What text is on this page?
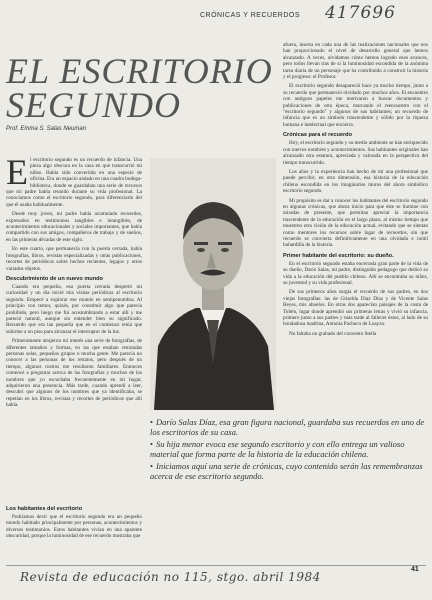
CRÓNICAS Y RECUERDOS 417696
EL ESCRITORIO
SEGUNDO
Prof. Emma S. Salas Neuman

El escritorio segundo es un recuerdo de infancia. Una pieza algo obscura en la casa en que transcurrió mi niñez. Había sido convertida en una especie de oficina. Era un espacio aislado en una cuadra bodega-biblioteca, donde se guardaban una serie de recursos que mi padre había reunido durante su vida profesional. La conocíamos como el escritorio segundo, para diferenciarlo del que él usaba habitualmente.

Desde muy joven, mi padre había acumulado recuerdos, expresados en testimonios tangibles e intangibles, de acontecimientos educacionales y sociales importantes, que había compartido con sus amigos, compañeros de trabajo y de sueños, en las primeras décadas de este siglo.

En este cuarto, que permanecía con la puerta cerrada, había fotografías, libros, revistas especializadas y otras publicaciones, recortes de periódicos sobre hechos recientes, legajos y otros variados objetos.

Descubrimiento de un nuevo mundo

Cuando era pequeña, esa puerta cerrada despertó mi curiosidad y un día inicié mis visitas periódicas al escritorio segundo. Empecé a explorar ese mundo en semipenumbra. Al principio con temor, quizás, por constituir algo que parecía prohibido, pero luego me fui acostumbrando a estar allí y me pareció natural, aunque sin entender bien su significado. Recuerdo que era tan pequeña que en el comienzo tenía que subirme a un piso para alcanzar el interruptor de la luz.

Primeramente atrajeron mi interés una serie de fotografías, de diferentes tamaños y formas, en las que estaban retratadas personas solas, pequeños grupos o mucha gente. Me parecía no conocer a las personas de los retratos, pero después de un tiempo, algunos rostros me resultaron familiares. Entonces comencé a preguntar acerca de las fotografías y muchos de los nombres que yo escuchaba frecuentemente en mi hogar, adquirieron una presencia. Más tarde, cuando aprendí a leer, descubrí que algunos de los nombres que ya identificaba, se repetían en los libros, revistas y recortes de periódicos que allí había.

Los habitantes del escritorio

Podríamos decir que el escritorio segundo era un pequeño mundo habitado principalmente por personas, acontecimientos y diversos testimonios. Estos habitantes vivían en una aparente obscuridad, porque la luminosidad de ese recuerdo mostraba que

afuera, inserta en cada una de las realizaciones nacionales que nos han proporcionado el nivel de desarrollo general que hemos alcanzado. A veces, olvidamos cómo hemos logrado esos avances, pero todos llevan tras de sí la luminosidad escondida de la anónima tarea diaria de un personaje que ha contribuido a construir la historia y el progreso: el Profesor.

El escritorio segundo desapareció hace ya mucho tiempo, junto a su recuerdo que permaneció olvidado por muchos años. El encuentro con antiguos papeles me motivaron a buscar documentos y publicaciones de otra época, marcando el reencuentro con el "escritorio segundo" y algunos de sus habitantes; un recuerdo de infancia que es un símbolo trascendente y sólido por la riqueza humana e intelectual que encierra.

Crónicas para el recuerdo

Hoy, el escritorio segundo y su medio ambiente se han enriquecido con nuevos nombres y acontecimientos. Sus habitantes originales han alcanzado otra estatura, apreciada y valorada en la perspectiva del tiempo transcurrido.

Los años y la experiencia han hecho de mí una profesional que puede percibir, en otra dimensión, esa historia de la educación chilena escondida en los imaginarios muros del ahora simbólico escritorio segundo.

Mi propósito es dar a conocer los habitantes del escritorio segundo en algunas crónicas, que ahora inicio para que éste se ilumine con miradas de presente, que permitan apreciar la importancia trascendente de la educación en el largo plazo, al mismo tiempo que muestren otra visión de la educación actual, evitando que se sientan como mentores los recursos sobre lugar de recuerdos, sin que recuerdo se convierta definitivamente en una olvidada e inútil buhardilla de la historia.

Primer habitante del escritorio: su dueño.

En el escritorio segundo estaba encerrada gran parte de la vida de su dueño, Darío Salas, mi padre, distinguido pedagogo que dedicó su vida a la educación del pueblo chileno. Allí se encontraba su niñez, su juventud y su vida profesional.

De sus primeros años surgía el recuerdo de sus padres, en dos viejas fotografías: las de Griselda Díaz Díaz y de Vicente Salas Reyes, mis abuelos. En otras dos aparecían paisajes de la costa de Toltén, lugar donde aprendió sus primeras letras y vivió su infancia, primero junto a sus padres y más tarde al fallecer éstos, al lado de su bondadosa madrina, Antonia Pacheco de Loayza.

No faltaba un grabado del convento Stella

• Darío Salas Díaz, esa gran figura nacional, guardaba sus recuerdos en uno de los escritorios de su casa.
• Su hija menor evoca ese segundo escritorio y con ello entrega un valioso material que forma parte de la historia de la educación chilena.
• Iniciamos aquí una serie de crónicas, cuyo contenido serán las remembranzas acerca de ese escritorio segundo.
41
Revista de educación no 115, stgo. abril 1984
